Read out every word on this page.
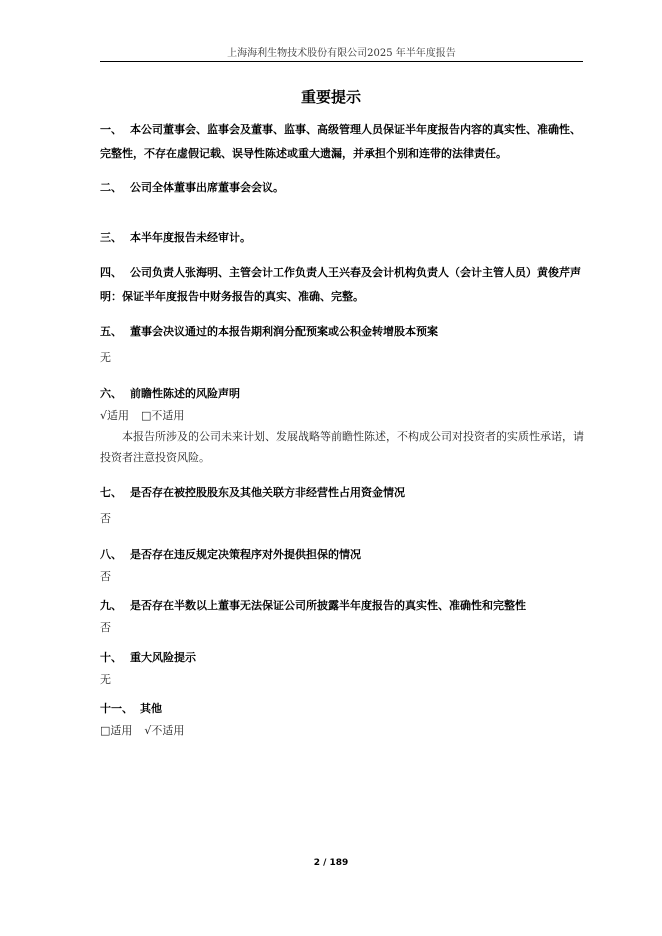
上海海利生物技术股份有限公司2025 年半年度报告
重要提示
一、 本公司董事会、监事会及董事、监事、高级管理人员保证半年度报告内容的真实性、准确性、完整性，不存在虚假记载、误导性陈述或重大遗漏，并承担个别和连带的法律责任。
二、 公司全体董事出席董事会会议。
三、 本半年度报告未经审计。
四、 公司负责人张海明、主管会计工作负责人王兴春及会计机构负责人（会计主管人员）黄俊芹声明：保证半年度报告中财务报告的真实、准确、完整。
五、 董事会决议通过的本报告期利润分配预案或公积金转增股本预案
无
六、 前瞻性陈述的风险声明
√适用 □不适用
本报告所涉及的公司未来计划、发展战略等前瞻性陈述，不构成公司对投资者的实质性承诺，请投资者注意投资风险。
七、 是否存在被控股股东及其他关联方非经营性占用资金情况
否
八、 是否存在违反规定决策程序对外提供担保的情况
否
九、 是否存在半数以上董事无法保证公司所披露半年度报告的真实性、准确性和完整性
否
十、 重大风险提示
无
十一、 其他
□适用 √不适用
2 / 189
